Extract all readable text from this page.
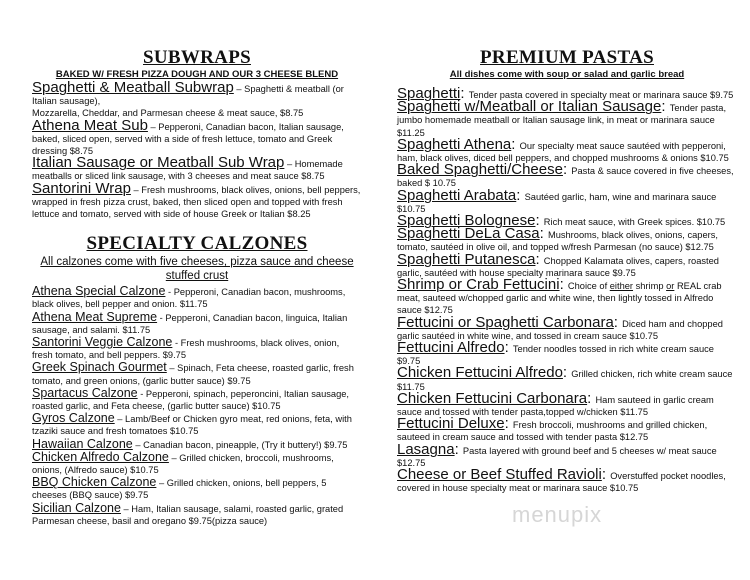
SUBWRAPS
BAKED W/ FRESH PIZZA DOUGH AND OUR 3 CHEESE BLEND

Spaghetti & Meatball Subwrap – Spaghetti & meatball (or Italian sausage),
Mozzarella, Cheddar, and Parmesan cheese & meat sauce, $8.75

Athena Meat Sub – Pepperoni, Canadian bacon, Italian sausage, baked, sliced open, served with a side of fresh lettuce, tomato and Greek dressing $8.75

Italian Sausage or Meatball Sub Wrap – Homemade meatballs or sliced link sausage, with 3 cheeses and meat sauce $8.75

Santorini Wrap – Fresh mushrooms, black olives, onions, bell peppers, wrapped in fresh pizza crust, baked, then sliced open and topped with fresh lettuce and tomato, served with side of house Greek or Italian $8.25

SPECIALTY CALZONES
All calzones come with five cheeses, pizza sauce and cheese stuffed crust

Athena Special Calzone - Pepperoni, Canadian bacon, mushrooms, black olives, bell pepper and onion. $11.75

Athena Meat Supreme - Pepperoni, Canadian bacon, linguica, Italian sausage, and salami. $11.75

Santorini Veggie Calzone - Fresh mushrooms, black olives, onion, fresh tomato, and bell peppers. $9.75

Greek Spinach Gourmet – Spinach, Feta cheese, roasted garlic, fresh tomato, and green onions, (garlic butter sauce) $9.75

Spartacus Calzone - Pepperoni, spinach, peperoncini, Italian sausage, roasted garlic, and Feta cheese, (garlic butter sauce) $10.75

Gyros Calzone – Lamb/Beef or Chicken gyro meat, red onions, feta, with tzaziki sauce and fresh tomatoes $10.75

Hawaiian Calzone – Canadian bacon, pineapple, (Try it buttery!) $9.75

Chicken Alfredo Calzone – Grilled chicken, broccoli, mushrooms, onions, (Alfredo sauce) $10.75

BBQ Chicken Calzone – Grilled chicken, onions, bell peppers, 5 cheeses (BBQ sauce) $9.75

Sicilian Calzone – Ham, Italian sausage, salami, roasted garlic, grated Parmesan cheese, basil and oregano $9.75(pizza sauce)

PREMIUM PASTAS
All dishes come with soup or salad and garlic bread

Spaghetti: Tender pasta covered in specialty meat or marinara sauce $9.75

Spaghetti w/Meatball or Italian Sausage: Tender pasta, jumbo homemade meatball or Italian sausage link, in meat or marinara sauce $11.25

Spaghetti Athena: Our specialty meat sauce sautéed with pepperoni, ham, black olives, diced bell peppers, and chopped mushrooms & onions $10.75

Baked Spaghetti/Cheese: Pasta & sauce covered in five cheeses, baked $ 10.75

Spaghetti Arabata: Sautéed garlic, ham, wine and marinara sauce $10.75

Spaghetti Bolognese: Rich meat sauce, with Greek spices. $10.75

Spaghetti DeLa Casa: Mushrooms, black olives, onions, capers, tomato, sautéed in olive oil, and topped w/fresh Parmesan (no sauce) $12.75

Spaghetti Putanesca: Chopped Kalamata olives, capers, roasted garlic, sautéed with house specialty marinara sauce $9.75

Shrimp or Crab Fettucini: Choice of either shrimp or REAL crab meat, sauteed w/chopped garlic and white wine, then lightly tossed in Alfredo sauce $12.75

Fettucini or Spaghetti Carbonara: Diced ham and chopped garlic sautéed in white wine, and tossed in cream sauce $10.75

Fettucini Alfredo: Tender noodles tossed in rich white cream sauce $9.75

Chicken Fettucini Alfredo: Grilled chicken, rich white cream sauce $11.75

Chicken Fettucini Carbonara: Ham sauteed in garlic cream sauce and tossed with tender pasta,topped w/chicken $11.75

Fettucini Deluxe: Fresh broccoli, mushrooms and grilled chicken, sauteed in cream sauce and tossed with tender pasta $12.75

Lasagna: Pasta layered with ground beef and 5 cheeses w/ meat sauce $12.75

Cheese or Beef Stuffed Ravioli: Overstuffed pocket noodles, covered in house specialty meat or marinara sauce $10.75

menupix
